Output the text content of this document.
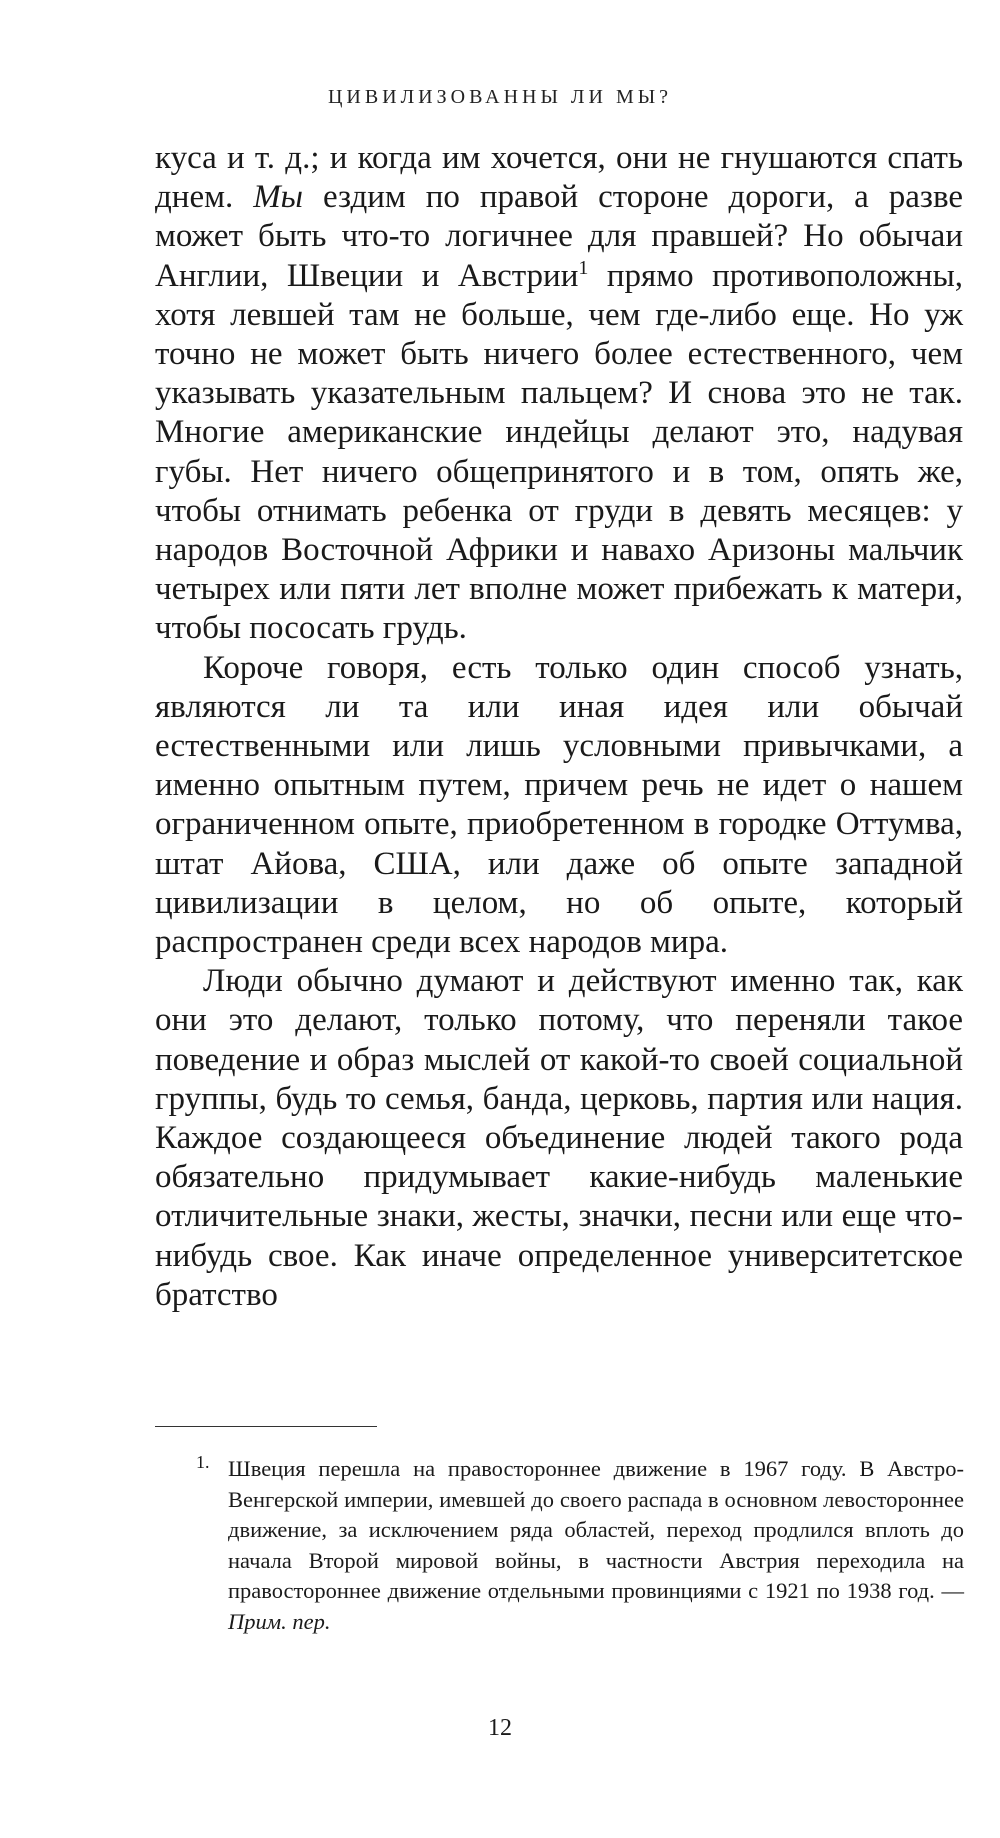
ЦИВИЛИЗОВАННЫ ЛИ МЫ?

куса и т. д.; и когда им хочется, они не гнушаются спать днем. Мы ездим по правой стороне дороги, а разве может быть что-то логичнее для правшей? Но обычаи Англии, Швеции и Австрии$^1$ прямо противоположны, хотя левшей там не больше, чем где-либо еще. Но уж точно не может быть ничего более естественного, чем указывать указательным пальцем? И снова это не так. Многие американские индейцы делают это, надувая губы. Нет ничего общепринятого и в том, опять же, чтобы отнимать ребенка от груди в девять месяцев: у народов Восточной Африки и навахо Аризоны мальчик четырех или пяти лет вполне может прибежать к матери, чтобы пососать грудь.

Короче говоря, есть только один способ узнать, являются ли та или иная идея или обычай естественными или лишь условными привычками, а именно опытным путем, причем речь не идет о нашем ограниченном опыте, приобретенном в городке Оттумва, штат Айова, США, или даже об опыте западной цивилизации в целом, но об опыте, который распространен среди всех народов мира.

Люди обычно думают и действуют именно так, как они это делают, только потому, что переняли такое поведение и образ мыслей от какой-то своей социальной группы, будь то семья, банда, церковь, партия или нация. Каждое создающееся объединение людей такого рода обязательно придумывает какие-нибудь маленькие отличительные знаки, жесты, значки, песни или еще что-нибудь свое. Как иначе определенное университетское братство

1. Швеция перешла на правостороннее движение в 1967 году. В Австро-Венгерской империи, имевшей до своего распада в основном левостороннее движение, за исключением ряда областей, переход продлился вплоть до начала Второй мировой войны, в частности Австрия переходила на правостороннее движение отдельными провинциями с 1921 по 1938 год. — Прим. пер.
12
